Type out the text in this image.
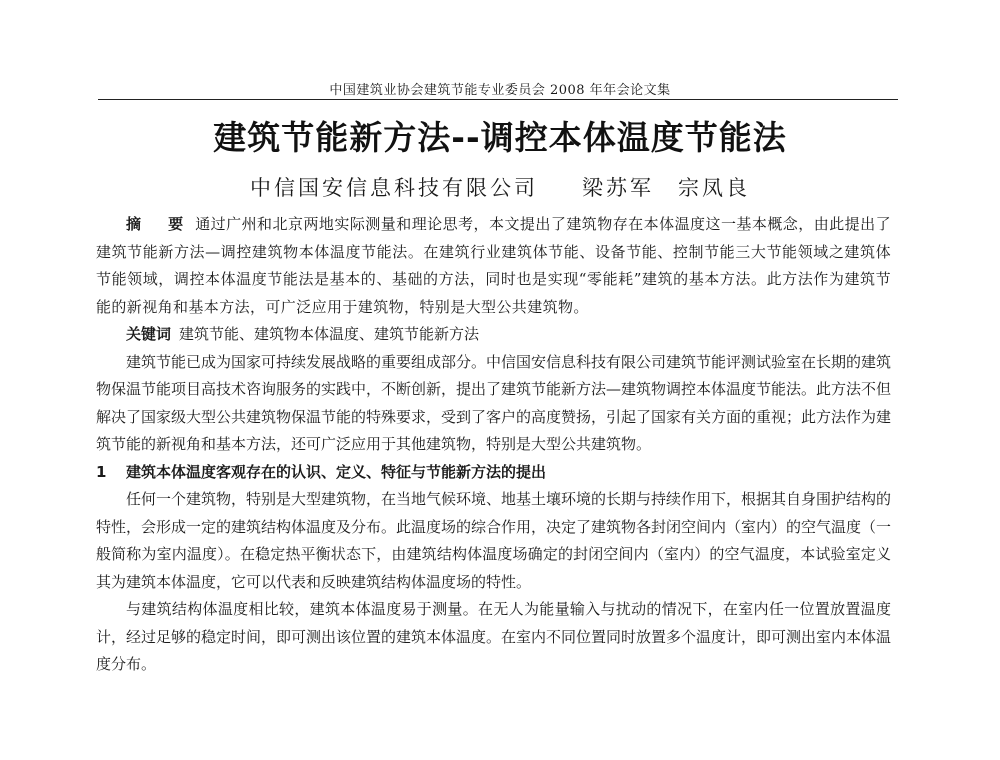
中国建筑业协会建筑节能专业委员会 2008 年年会论文集
建筑节能新方法--调控本体温度节能法
中信国安信息科技有限公司 梁苏军　宗凤良

摘　要 通过广州和北京两地实际测量和理论思考，本文提出了建筑物存在本体温度这一基本概念，由此提出了建筑节能新方法—调控建筑物本体温度节能法。在建筑行业建筑体节能、设备节能、控制节能三大节能领域之建筑体节能领域，调控本体温度节能法是基本的、基础的方法，同时也是实现“零能耗”建筑的基本方法。此方法作为建筑节能的新视角和基本方法，可广泛应用于建筑物，特别是大型公共建筑物。

关键词 建筑节能、建筑物本体温度、建筑节能新方法

建筑节能已成为国家可持续发展战略的重要组成部分。中信国安信息科技有限公司建筑节能评测试验室在长期的建筑物保温节能项目高技术咨询服务的实践中，不断创新，提出了建筑节能新方法—建筑物调控本体温度节能法。此方法不但解决了国家级大型公共建筑物保温节能的特殊要求，受到了客户的高度赞扬，引起了国家有关方面的重视；此方法作为建筑节能的新视角和基本方法，还可广泛应用于其他建筑物，特别是大型公共建筑物。

1 建筑本体温度客观存在的认识、定义、特征与节能新方法的提出

任何一个建筑物，特别是大型建筑物，在当地气候环境、地基土壤环境的长期与持续作用下，根据其自身围护结构的特性，会形成一定的建筑结构体温度及分布。此温度场的综合作用，决定了建筑物各封闭空间内（室内）的空气温度（一般简称为室内温度）。在稳定热平衡状态下，由建筑结构体温度场确定的封闭空间内（室内）的空气温度，本试验室定义其为建筑本体温度，它可以代表和反映建筑结构体温度场的特性。

与建筑结构体温度相比较，建筑本体温度易于测量。在无人为能量输入与扰动的情况下，在室内任一位置放置温度计，经过足够的稳定时间，即可测出该位置的建筑本体温度。在室内不同位置同时放置多个温度计，即可测出室内本体温度分布。
